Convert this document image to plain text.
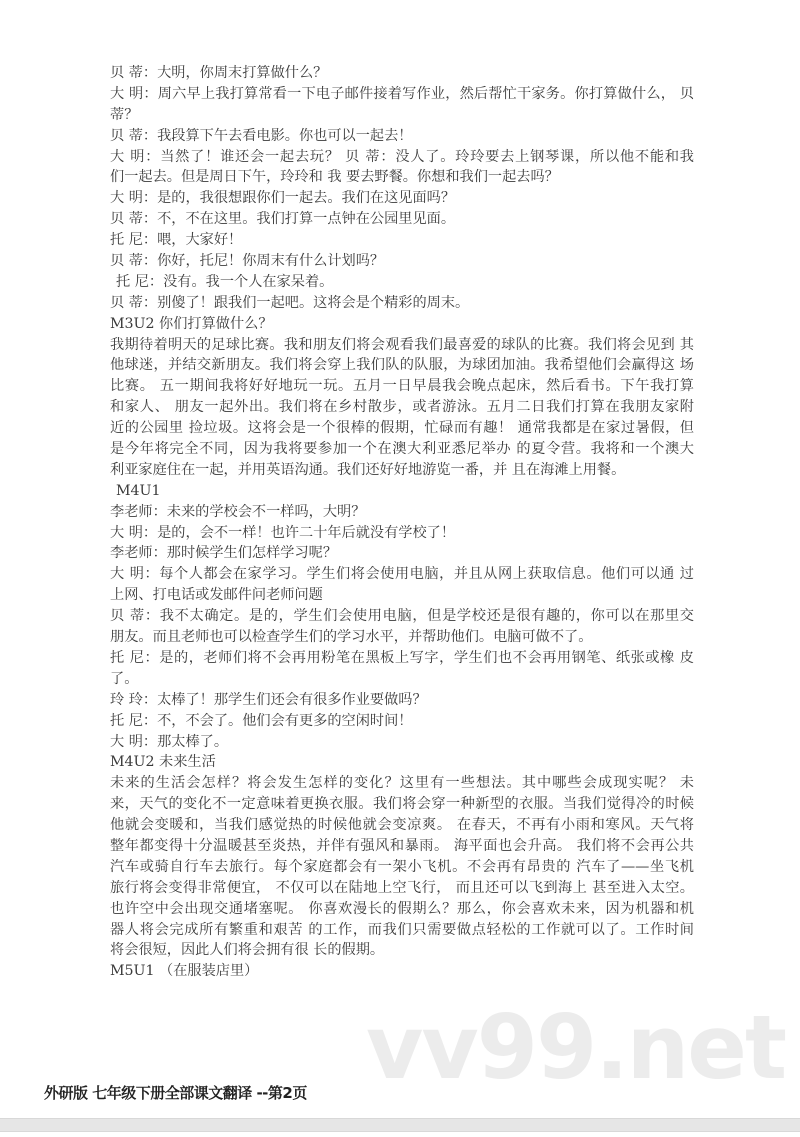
贝 蒂：大明，你周末打算做什么？
大 明：周六早上我打算常看一下电子邮件接着写作业，然后帮忙干家务。你打算做什么， 贝
蒂？
贝 蒂：我段算下午去看电影。你也可以一起去！
大 明：当然了！谁还会一起去玩？ 贝 蒂：没人了。玲玲要去上钢琴课，所以他不能和我
们一起去。但是周日下午，玲玲和 我 要去野餐。你想和我们一起去吗？
大 明：是的，我很想跟你们一起去。我们在这见面吗？
贝 蒂：不，不在这里。我们打算一点钟在公园里见面。
托 尼：喂，大家好！
贝 蒂：你好，托尼！你周末有什么计划吗？
托 尼：没有。我一个人在家呆着。
贝 蒂：别傻了！跟我们一起吧。这将会是个精彩的周末。
M3U2 你们打算做什么？
我期待着明天的足球比赛。我和朋友们将会观看我们最喜爱的球队的比赛。我们将会见到 其
他球迷，并结交新朋友。我们将会穿上我们队的队服，为球团加油。我希望他们会赢得这 场
比赛。 五一期间我将好好地玩一玩。五月一日早晨我会晚点起床，然后看书。下午我打算
和家人、 朋友一起外出。我们将在乡村散步，或者游泳。五月二日我们打算在我朋友家附
近的公园里 捡垃圾。这将会是一个很棒的假期，忙碌而有趣！ 通常我都是在家过暑假，但
是今年将完全不同，因为我将要参加一个在澳大利亚悉尼举办 的夏令营。我将和一个澳大
利亚家庭住在一起，并用英语沟通。我们还好好地游览一番，并 且在海滩上用餐。
M4U1
李老师：未来的学校会不一样吗，大明？
大 明：是的，会不一样！也许二十年后就没有学校了！
李老师：那时候学生们怎样学习呢？
大 明：每个人都会在家学习。学生们将会使用电脑，并且从网上获取信息。他们可以通 过
上网、打电话或发邮件问老师问题
贝 蒂：我不太确定。是的，学生们会使用电脑，但是学校还是很有趣的，你可以在那里交
朋友。而且老师也可以检查学生们的学习水平，并帮助他们。电脑可做不了。
托 尼：是的，老师们将不会再用粉笔在黑板上写字，学生们也不会再用钢笔、纸张或橡 皮
了。
玲 玲：太棒了！那学生们还会有很多作业要做吗？
托 尼：不，不会了。他们会有更多的空闲时间！
大 明：那太棒了。
M4U2 未来生活
未来的生活会怎样？将会发生怎样的变化？这里有一些想法。其中哪些会成现实呢？ 未
来，天气的变化不一定意味着更换衣服。我们将会穿一种新型的衣服。当我们觉得冷的时候
他就会变暖和，当我们感觉热的时候他就会变凉爽。 在春天，不再有小雨和寒风。天气将
整年都变得十分温暖甚至炎热，并伴有强风和暴雨。 海平面也会升高。 我们将不会再公共
汽车或骑自行车去旅行。每个家庭都会有一架小飞机。不会再有昂贵的 汽车了——坐飞机
旅行将会变得非常便宜， 不仅可以在陆地上空飞行， 而且还可以飞到海上 甚至进入太空。
也许空中会出现交通堵塞呢。 你喜欢漫长的假期么？那么，你会喜欢未来，因为机器和机
器人将会完成所有繁重和艰苦 的工作，而我们只需要做点轻松的工作就可以了。工作时间
将会很短，因此人们将会拥有很 长的假期。
M5U1 （在服装店里）
vv99.net
外研版 七年级下册全部课文翻译 --第2页
